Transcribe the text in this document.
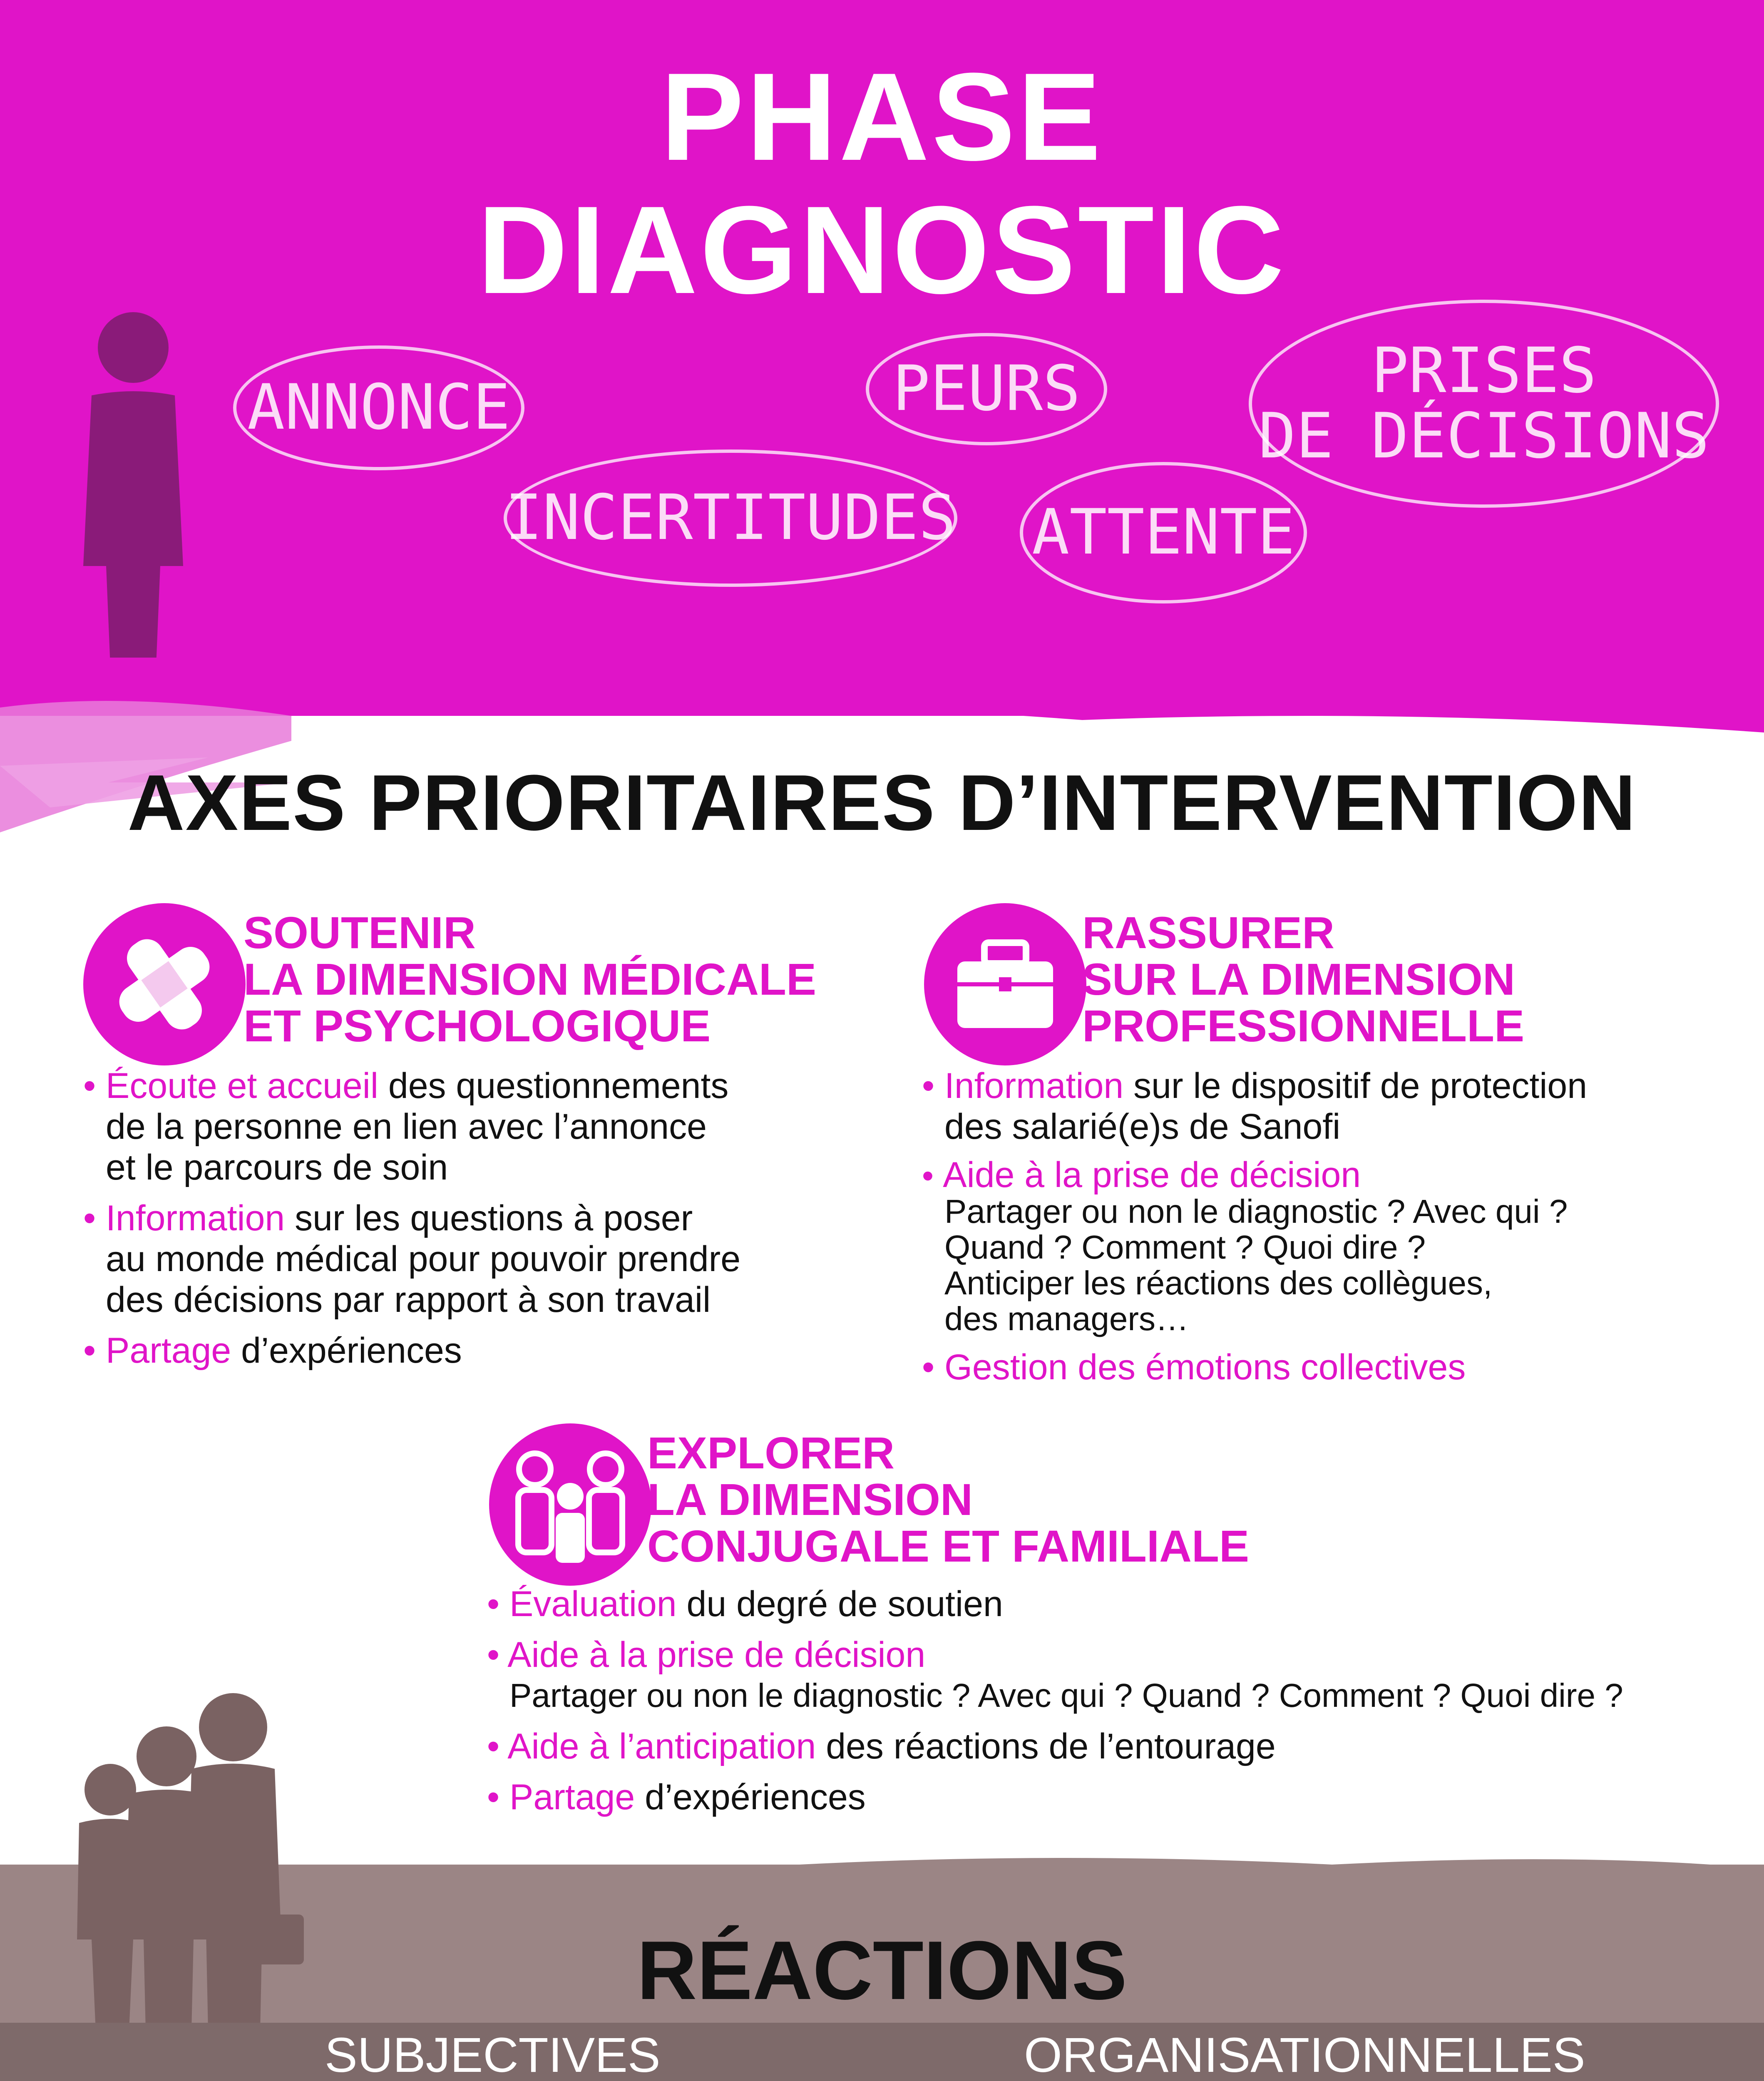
PHASE
DIAGNOSTIC
ANNONCE
INCERTITUDES
PEURS
ATTENTE
PRISES
DE DÉCISIONS
AXES PRIORITAIRES D’INTERVENTION
SOUTENIR
LA DIMENSION MÉDICALE
ET PSYCHOLOGIQUE
• Écoute et accueil des questionnements
de la personne en lien avec l’annonce
et le parcours de soin
• Information sur les questions à poser
au monde médical pour pouvoir prendre
des décisions par rapport à son travail
• Partage d’expériences
RASSURER
SUR LA DIMENSION
PROFESSIONNELLE
• Information sur le dispositif de protection
des salarié(e)s de Sanofi
• Aide à la prise de décision
Partager ou non le diagnostic ? Avec qui ?
Quand ? Comment ? Quoi dire ?
Anticiper les réactions des collègues,
des managers…
• Gestion des émotions collectives
EXPLORER
LA DIMENSION
CONJUGALE ET FAMILIALE
• Évaluation du degré de soutien
• Aide à la prise de décision
Partager ou non le diagnostic ? Avec qui ? Quand ? Comment ? Quoi dire ?
• Aide à l’anticipation des réactions de l’entourage
• Partage d’expériences
RÉACTIONS
SUBJECTIVES	ORGANISATIONNELLES
